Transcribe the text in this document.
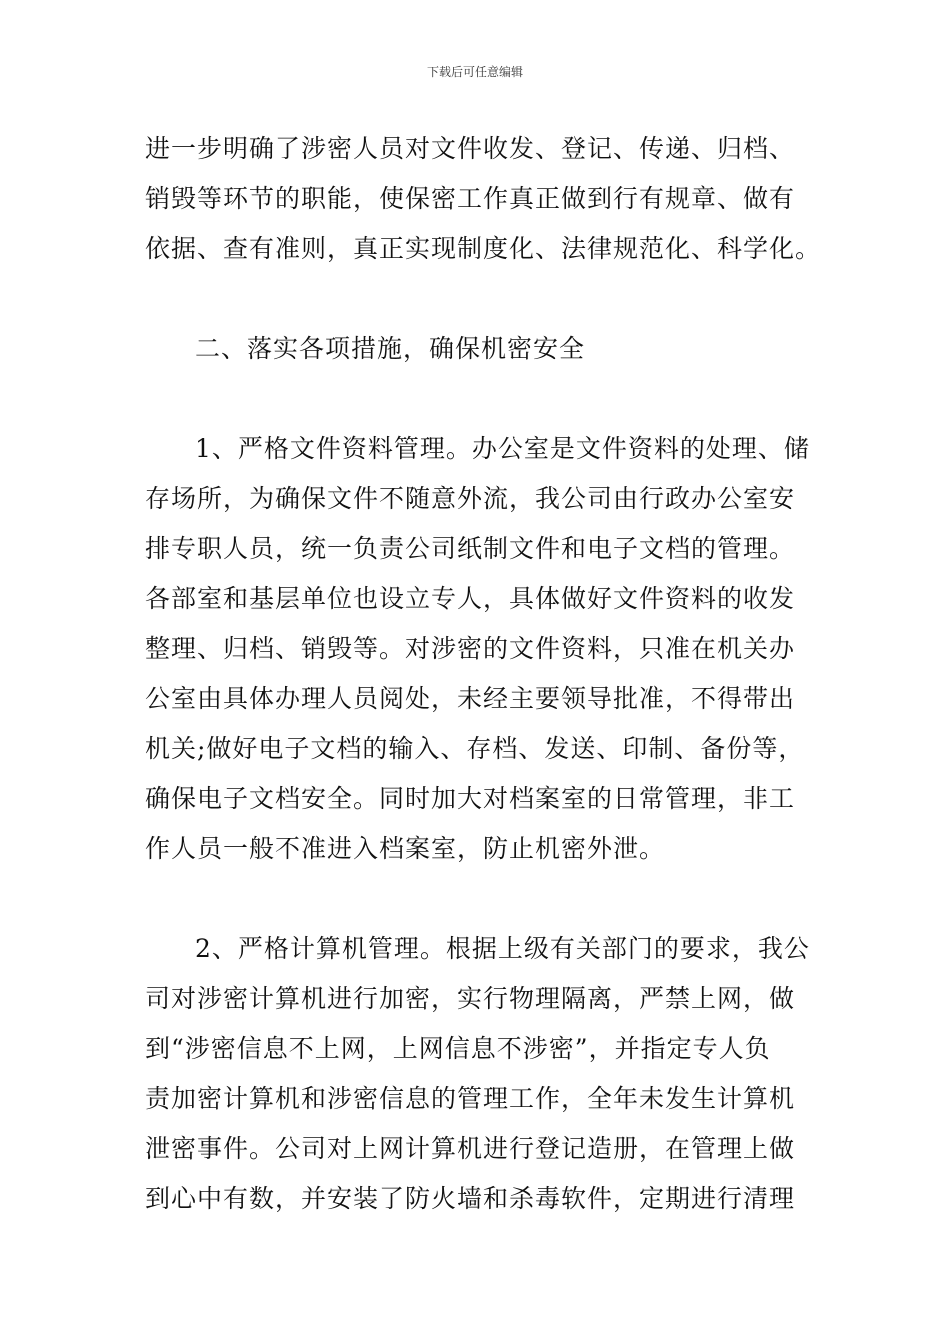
下载后可任意编辑
进一步明确了涉密人员对文件收发、登记、传递、归档、
销毁等环节的职能，使保密工作真正做到行有规章、做有
依据、查有准则，真正实现制度化、法律规范化、科学化。
二、落实各项措施，确保机密安全
1、严格文件资料管理。办公室是文件资料的处理、储
存场所，为确保文件不随意外流，我公司由行政办公室安
排专职人员，统一负责公司纸制文件和电子文档的管理。
各部室和基层单位也设立专人，具体做好文件资料的收发
整理、归档、销毁等。对涉密的文件资料，只准在机关办
公室由具体办理人员阅处，未经主要领导批准，不得带出
机关;做好电子文档的输入、存档、发送、印制、备份等，
确保电子文档安全。同时加大对档案室的日常管理，非工
作人员一般不准进入档案室，防止机密外泄。
2、严格计算机管理。根据上级有关部门的要求，我公
司对涉密计算机进行加密，实行物理隔离，严禁上网，做
到“涉密信息不上网，上网信息不涉密”，并指定专人负
责加密计算机和涉密信息的管理工作，全年未发生计算机
泄密事件。公司对上网计算机进行登记造册，在管理上做
到心中有数，并安装了防火墙和杀毒软件，定期进行清理
